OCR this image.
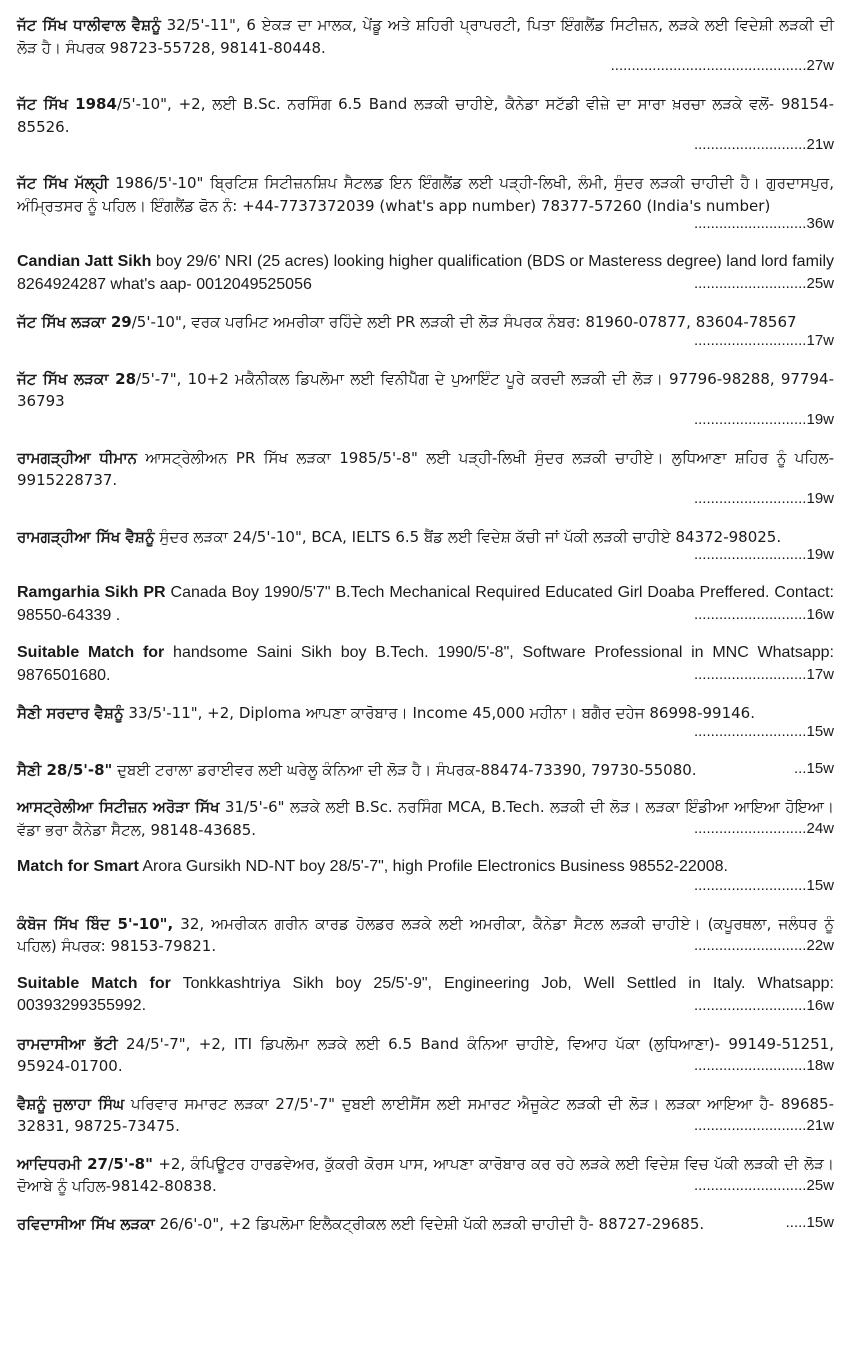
ਜੱਟ ਸਿੱਖ ਧਾਲੀਵਾਲ ਵੈਸ਼ਨੂੰ 32/5'-11", 6 ਏਕੜ ਦਾ ਮਾਲਕ, ਪੇਂਡੂ ਅਤੇ ਸ਼ਹਿਰੀ ਪ੍ਰਾਪਰਟੀ, ਪਿਤਾ ਇੰਗਲੈਂਡ ਸਿਟੀਜ਼ਨ, ਲੜਕੇ ਲਈ ਵਿਦੇਸ਼ੀ ਲੜਕੀ ਦੀ ਲੋੜ ਹੈ। ਸੰਪਰਕ 98723-55728, 98141-80448.
...............................................27w
ਜੱਟ ਸਿੱਖ 1984/5'-10", +2, ਲਈ B.Sc. ਨਰਸਿੰਗ 6.5 Band ਲੜਕੀ ਚਾਹੀਏ, ਕੈਨੇਡਾ ਸਟੱਡੀ ਵੀਜ਼ੇ ਦਾ ਸਾਰਾ ਖ਼ਰਚਾ ਲੜਕੇ ਵਲੋਂ- 98154-85526.
...........................21w
ਜੱਟ ਸਿੱਖ ਮੱਲ੍ਹੀ 1986/5'-10" ਬ੍ਰਿਟਿਸ਼ ਸਿਟੀਜ਼ਨਸ਼ਿਪ ਸੈਟਲਡ ਇਨ ਇੰਗਲੈਂਡ ਲਈ ਪੜ੍ਹੀ-ਲਿਖੀ, ਲੰਮੀ, ਸੁੰਦਰ ਲੜਕੀ ਚਾਹੀਦੀ ਹੈ। ਗੁਰਦਾਸਪੁਰ, ਅੰਮ੍ਰਿਤਸਰ ਨੂੰ ਪਹਿਲ। ਇੰਗਲੈਂਡ ਫੋਨ ਨੰ: +44-7737372039 (what's app number) 78377-57260 (India's number)
...........................36w
Candian Jatt Sikh boy 29/6' NRI (25 acres) looking higher qualification (BDS or Masteress degree) land lord family 8264924287 what's aap- 0012049525056	...........................25w
ਜੱਟ ਸਿੱਖ ਲੜਕਾ 29/5'-10", ਵਰਕ ਪਰਮਿਟ ਅਮਰੀਕਾ ਰਹਿੰਦੇ ਲਈ PR ਲੜਕੀ ਦੀ ਲੋੜ ਸੰਪਰਕ ਨੰਬਰ: 81960-07877, 83604-78567
...........................17w
ਜੱਟ ਸਿੱਖ ਲੜਕਾ 28/5'-7", 10+2 ਮਕੈਨੀਕਲ ਡਿਪਲੋਮਾ ਲਈ ਵਿਨੀਪੈੱਗ ਦੇ ਪੁਆਇੰਟ ਪੂਰੇ ਕਰਦੀ ਲੜਕੀ ਦੀ ਲੋੜ। 97796-98288, 97794-36793
...........................19w
ਰਾਮਗੜ੍ਹੀਆ ਧੀਮਾਨ ਆਸਟ੍ਰੇਲੀਅਨ PR ਸਿੱਖ ਲੜਕਾ 1985/5'-8" ਲਈ ਪੜ੍ਹੀ-ਲਿਖੀ ਸੁੰਦਰ ਲੜਕੀ ਚਾਹੀਏ। ਲੁਧਿਆਣਾ ਸ਼ਹਿਰ ਨੂੰ ਪਹਿਲ- 9915228737.
...........................19w
ਰਾਮਗੜ੍ਹੀਆ ਸਿੱਖ ਵੈਸ਼ਨੂੰ ਸੁੰਦਰ ਲੜਕਾ 24/5'-10", BCA, IELTS 6.5 ਬੈਂਡ ਲਈ ਵਿਦੇਸ਼ ਕੱਚੀ ਜਾਂ ਪੱਕੀ ਲੜਕੀ ਚਾਹੀਏ 84372-98025.
...........................19w
Ramgarhia Sikh PR Canada Boy 1990/5'7" B.Tech Mechanical Required Educated Girl Doaba Preffered. Contact: 98550-64339 .	...........................16w
Suitable Match for handsome Saini Sikh boy B.Tech. 1990/5'-8", Software Professional in MNC Whatsapp: 9876501680.	...........................17w
ਸੈਣੀ ਸਰਦਾਰ ਵੈਸ਼ਨੂੰ 33/5'-11", +2, Diploma ਆਪਣਾ ਕਾਰੋਬਾਰ। Income 45,000 ਮਹੀਨਾ। ਬਗੈਰ ਦਹੇਜ 86998-99146.
...........................15w
ਸੈਣੀ 28/5'-8" ਦੁਬਈ ਟਰਾਲਾ ਡਰਾਈਵਰ ਲਈ ਘਰੇਲੂ ਕੰਨਿਆ ਦੀ ਲੋੜ ਹੈ। ਸੰਪਰਕ-88474-73390, 79730-55080.	...15w
ਆਸਟ੍ਰੇਲੀਆ ਸਿਟੀਜ਼ਨ ਅਰੋੜਾ ਸਿੱਖ 31/5'-6" ਲੜਕੇ ਲਈ B.Sc. ਨਰਸਿੰਗ MCA, B.Tech. ਲੜਕੀ ਦੀ ਲੋੜ। ਲੜਕਾ ਇੰਡੀਆ ਆਇਆ ਹੋਇਆ। ਵੱਡਾ ਭਰਾ ਕੈਨੇਡਾ ਸੈਟਲ, 98148-43685.	...........................24w
Match for Smart Arora Gursikh ND-NT boy 28/5'-7", high Profile Electronics Business 98552-22008.
...........................15w
ਕੰਬੋਜ ਸਿੱਖ ਬਿੰਦ 5'-10", 32, ਅਮਰੀਕਨ ਗਰੀਨ ਕਾਰਡ ਹੋਲਡਰ ਲੜਕੇ ਲਈ ਅਮਰੀਕਾ, ਕੈਨੇਡਾ ਸੈਟਲ ਲੜਕੀ ਚਾਹੀਏ। (ਕਪੂਰਥਲਾ, ਜਲੰਧਰ ਨੂੰ ਪਹਿਲ) ਸੰਪਰਕ: 98153-79821.	...........................22w
Suitable Match for Tonkkashtriya Sikh boy 25/5'-9", Engineering Job, Well Settled in Italy. Whatsapp: 00393299355992.	...........................16w
ਰਾਮਦਾਸੀਆ ਭੱਟੀ 24/5'-7", +2, ITI ਡਿਪਲੋਮਾ ਲੜਕੇ ਲਈ 6.5 Band ਕੰਨਿਆ ਚਾਹੀਏ, ਵਿਆਹ ਪੱਕਾ (ਲੁਧਿਆਣਾ)- 99149-51251, 95924-01700.	...........................18w
ਵੈਸ਼ਨੂੰ ਜੁਲਾਹਾ ਸਿੰਘ ਪਰਿਵਾਰ ਸਮਾਰਟ ਲੜਕਾ 27/5'-7" ਦੁਬਈ ਲਾਈਸੈਂਸ ਲਈ ਸਮਾਰਟ ਐਜੂਕੇਟ ਲੜਕੀ ਦੀ ਲੋੜ। ਲੜਕਾ ਆਇਆ ਹੈ- 89685-32831, 98725-73475.	...........................21w
ਆਦਿਧਰਮੀ 27/5'-8" +2, ਕੰਪਿਊਟਰ ਹਾਰਡਵੇਅਰ, ਕੁੱਕਰੀ ਕੋਰਸ ਪਾਸ, ਆਪਣਾ ਕਾਰੋਬਾਰ ਕਰ ਰਹੇ ਲੜਕੇ ਲਈ ਵਿਦੇਸ਼ ਵਿਚ ਪੱਕੀ ਲੜਕੀ ਦੀ ਲੋੜ। ਦੋਆਬੇ ਨੂੰ ਪਹਿਲ-98142-80838.	...........................25w
ਰਵਿਦਾਸੀਆ ਸਿੱਖ ਲੜਕਾ 26/6'-0", +2 ਡਿਪਲੋਮਾ ਇਲੈਕਟ੍ਰੀਕਲ ਲਈ ਵਿਦੇਸ਼ੀ ਪੱਕੀ ਲੜਕੀ ਚਾਹੀਦੀ ਹੈ- 88727-29685.	.....15w
